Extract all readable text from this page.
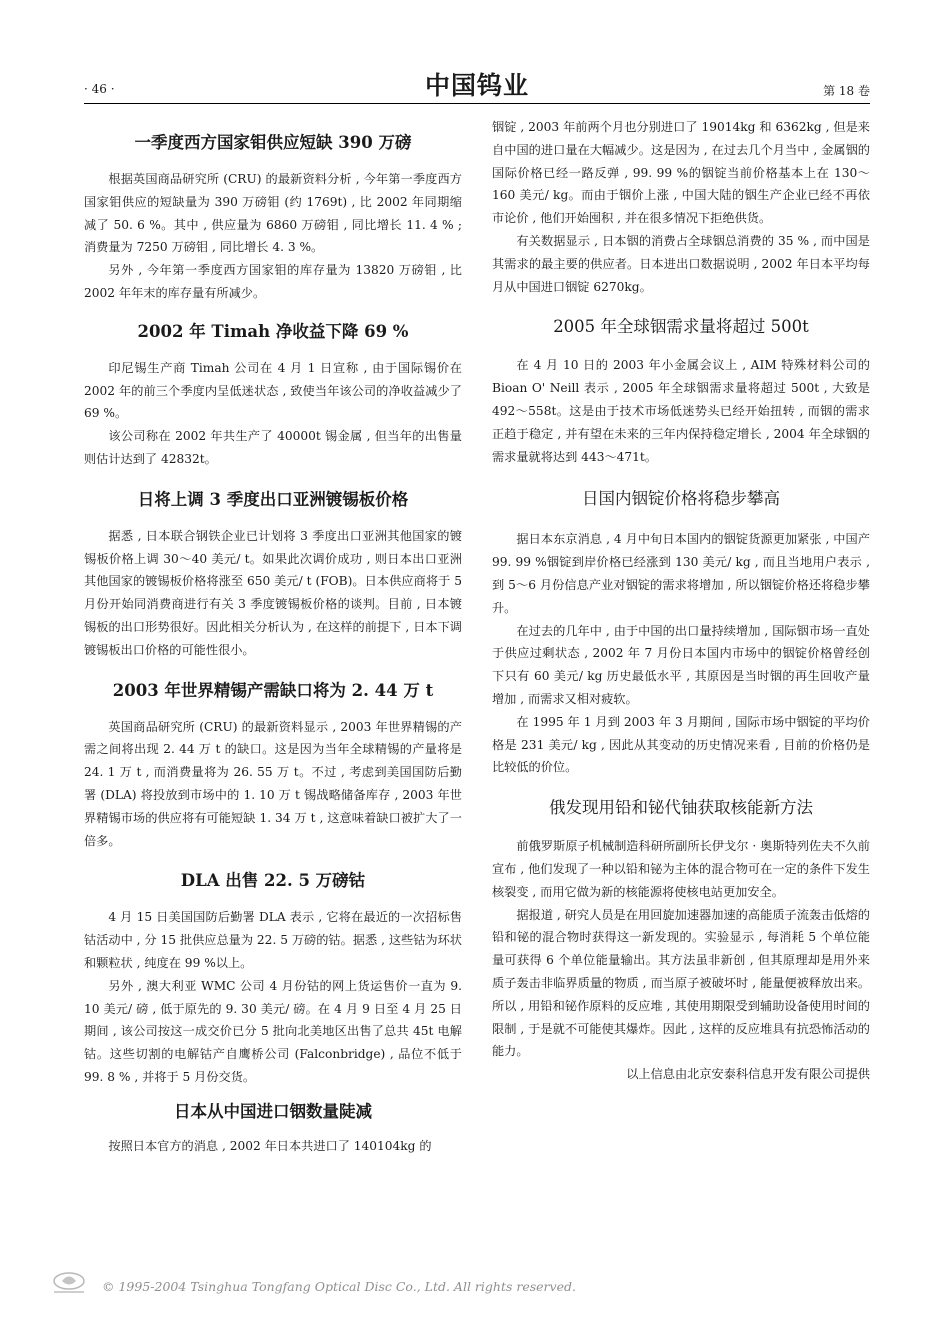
· 46 ·	中国钨业	第 18 卷
一季度西方国家钼供应短缺 390 万磅

根据英国商品研究所 (CRU) 的最新资料分析 , 今年第一季度西方国家钼供应的短缺量为 390 万磅钼 (约 1769t) , 比 2002 年同期缩减了 50. 6 %。其中 , 供应量为 6860 万磅钼 , 同比增长 11. 4 % ; 消费量为 7250 万磅钼 , 同比增长 4. 3 %。

另外 , 今年第一季度西方国家钼的库存量为 13820 万磅钼 , 比 2002 年年末的库存量有所减少。

2002 年 Timah 净收益下降 69 %

印尼锡生产商 Timah 公司在 4 月 1 日宣称 , 由于国际锡价在 2002 年的前三个季度内呈低迷状态 , 致使当年该公司的净收益减少了 69 %。

该公司称在 2002 年共生产了 40000t 锡金属 , 但当年的出售量则估计达到了 42832t。

日将上调 3 季度出口亚洲镀锡板价格

据悉 , 日本联合钢铁企业已计划将 3 季度出口亚洲其他国家的镀锡板价格上调 30～40 美元/ t。如果此次调价成功 , 则日本出口亚洲其他国家的镀锡板价格将涨至 650 美元/ t (FOB)。日本供应商将于 5 月份开始同消费商进行有关 3 季度镀锡板价格的谈判。目前 , 日本镀锡板的出口形势很好。因此相关分析认为 , 在这样的前提下 , 日本下调镀锡板出口价格的可能性很小。

2003 年世界精锡产需缺口将为 2. 44 万 t

英国商品研究所 (CRU) 的最新资料显示 , 2003 年世界精锡的产需之间将出现 2. 44 万 t 的缺口。这是因为当年全球精锡的产量将是 24. 1 万 t , 而消费量将为 26. 55 万 t。不过 , 考虑到美国国防后勤署 (DLA) 将投放到市场中的 1. 10 万 t 锡战略储备库存 , 2003 年世界精锡市场的供应将有可能短缺 1. 34 万 t , 这意味着缺口被扩大了一倍多。

DLA 出售 22. 5 万磅钴

4 月 15 日美国国防后勤署 DLA 表示 , 它将在最近的一次招标售钴活动中 , 分 15 批供应总量为 22. 5 万磅的钴。据悉 , 这些钴为环状和颗粒状 , 纯度在 99 %以上。

另外 , 澳大利亚 WMC 公司 4 月份钴的网上货运售价一直为 9. 10 美元/ 磅 , 低于原先的 9. 30 美元/ 磅。在 4 月 9 日至 4 月 25 日期间 , 该公司按这一成交价已分 5 批向北美地区出售了总共 45t 电解钴。这些切割的电解钴产自鹰桥公司 (Falconbridge) , 品位不低于 99. 8 % , 并将于 5 月份交货。

日本从中国进口铟数量陡减

按照日本官方的消息 , 2002 年日本共进口了 140104kg 的

铟锭 , 2003 年前两个月也分别进口了 19014kg 和 6362kg , 但是来自中国的进口量在大幅减少。这是因为 , 在过去几个月当中 , 金属铟的国际价格已经一路反弹 , 99. 99 %的铟锭当前价格基本上在 130～160 美元/ kg。而由于铟价上涨 , 中国大陆的铟生产企业已经不再依市论价 , 他们开始囤积 , 并在很多情况下拒绝供货。

有关数据显示 , 日本铟的消费占全球铟总消费的 35 % , 而中国是其需求的最主要的供应者。日本进出口数据说明 , 2002 年日本平均每月从中国进口铟锭 6270kg。

2005 年全球铟需求量将超过 500t

在 4 月 10 日的 2003 年小金属会议上 , AIM 特殊材料公司的 Bioan O' Neill 表示 , 2005 年全球铟需求量将超过 500t , 大致是 492～558t。这是由于技术市场低迷势头已经开始扭转 , 而铟的需求正趋于稳定 , 并有望在未来的三年内保持稳定增长 , 2004 年全球铟的需求量就将达到 443～471t。

日国内铟锭价格将稳步攀高

据日本东京消息 , 4 月中旬日本国内的铟锭货源更加紧张 , 中国产 99. 99 %铟锭到岸价格已经涨到 130 美元/ kg , 而且当地用户表示 , 到 5～6 月份信息产业对铟锭的需求将增加 , 所以铟锭价格还将稳步攀升。

在过去的几年中 , 由于中国的出口量持续增加 , 国际铟市场一直处于供应过剩状态 , 2002 年 7 月份日本国内市场中的铟锭价格曾经创下只有 60 美元/ kg 历史最低水平 , 其原因是当时铟的再生回收产量增加 , 而需求又相对疲软。

在 1995 年 1 月到 2003 年 3 月期间 , 国际市场中铟锭的平均价格是 231 美元/ kg , 因此从其变动的历史情况来看 , 目前的价格仍是比较低的价位。

俄发现用铅和铋代铀获取核能新方法

前俄罗斯原子机械制造科研所副所长伊戈尔 · 奥斯特列佐夫不久前宣布 , 他们发现了一种以铅和铋为主体的混合物可在一定的条件下发生核裂变 , 而用它做为新的核能源将使核电站更加安全。

据报道 , 研究人员是在用回旋加速器加速的高能质子流轰击低熔的铅和铋的混合物时获得这一新发现的。实验显示 , 每消耗 5 个单位能量可获得 6 个单位能量输出。其方法虽非新创 , 但其原理却是用外来质子轰击非临界质量的物质 , 而当原子被破坏时 , 能量便被释放出来。所以 , 用铅和铋作原料的反应堆 , 其使用期限受到辅助设备使用时间的限制 , 于是就不可能使其爆炸。因此 , 这样的反应堆具有抗恐怖活动的能力。

以上信息由北京安泰科信息开发有限公司提供

© 1995-2004 Tsinghua Tongfang Optical Disc Co., Ltd. All rights reserved.
